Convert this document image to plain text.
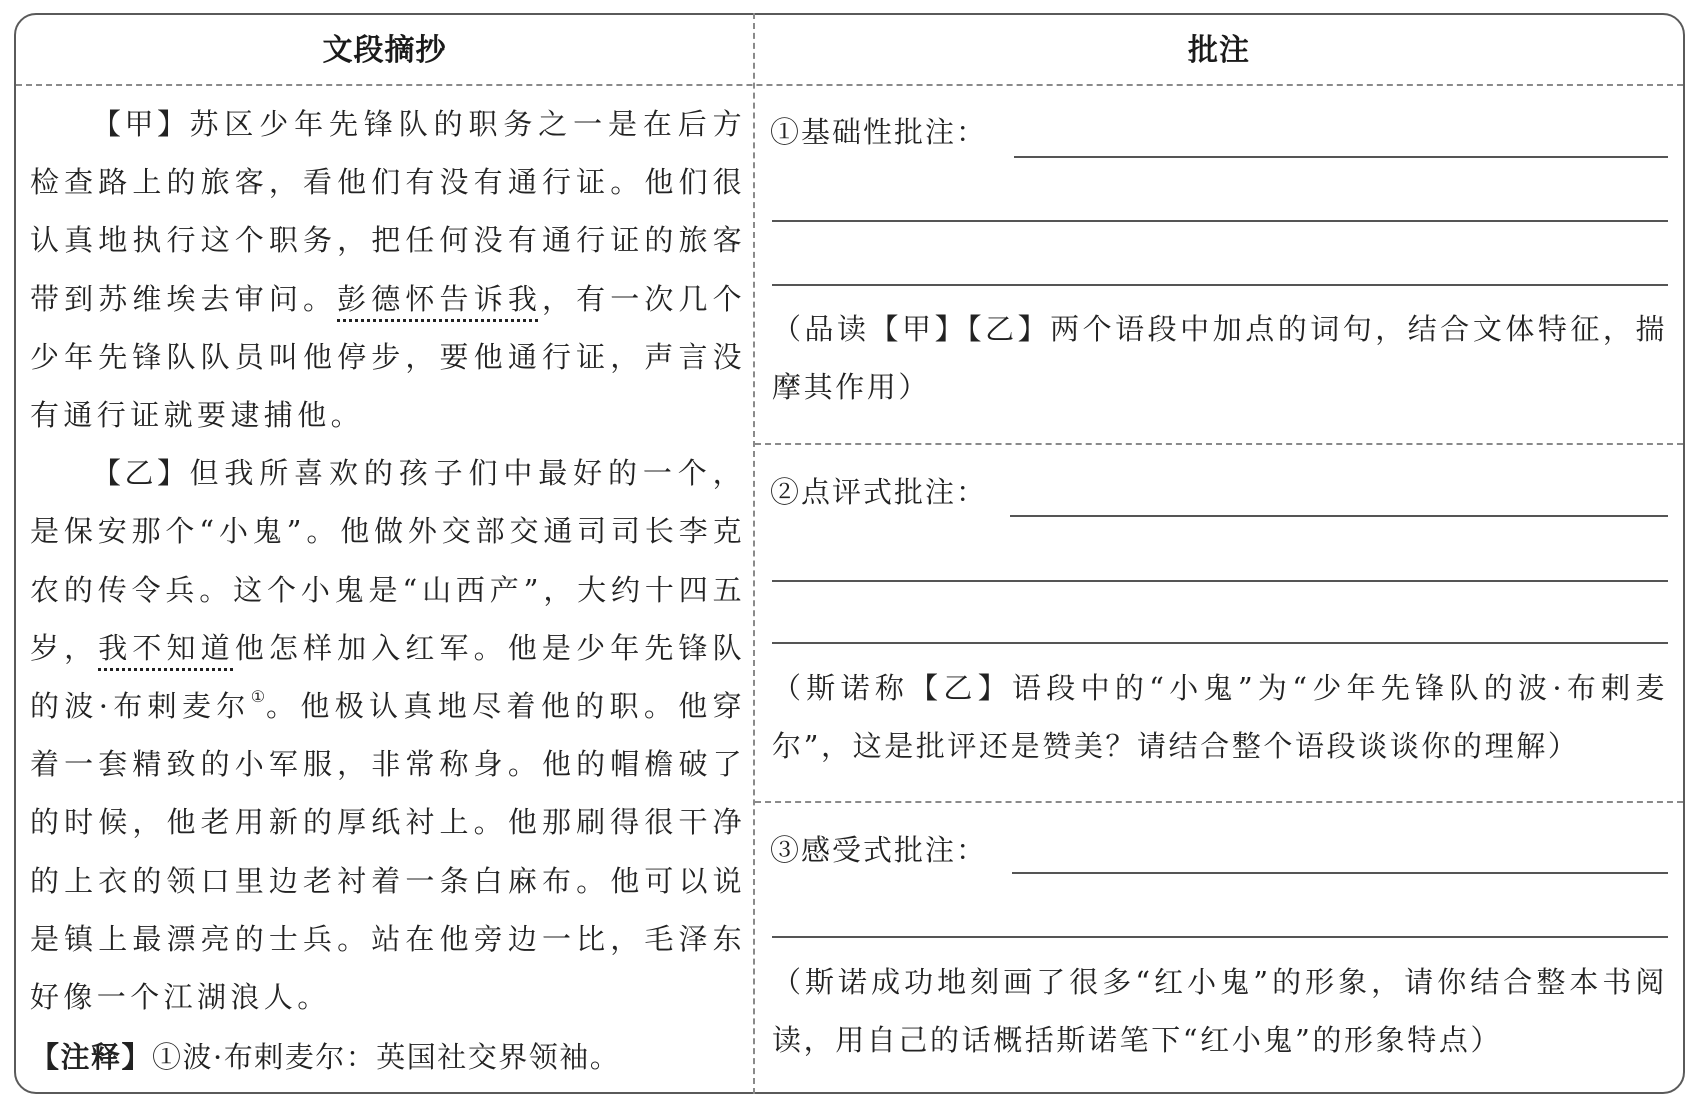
文段摘抄	批注

【甲】苏区少年先锋队的职务之一是在后方检查路上的旅客，看他们有没有通行证。他们很认真地执行这个职务，把任何没有通行证的旅客带到苏维埃去审问。彭德怀告诉我，有一次几个少年先锋队队员叫他停步，要他通行证，声言没有通行证就要逮捕他。

【乙】但我所喜欢的孩子们中最好的一个，是保安那个“小鬼”。他做外交部交通司司长李克农的传令兵。这个小鬼是“山西产”，大约十四五岁，我不知道他怎样加入红军。他是少年先锋队的波·布剌麦尔①。他极认真地尽着他的职。他穿着一套精致的小军服，非常称身。他的帽檐破了的时候，他老用新的厚纸衬上。他那刷得很干净的上衣的领口里边老衬着一条白麻布。他可以说是镇上最漂亮的士兵。站在他旁边一比，毛泽东好像一个江湖浪人。

【注释】①波·布剌麦尔：英国社交界领袖。

①基础性批注：
（品读【甲】【乙】两个语段中加点的词句，结合文体特征，揣摩其作用）
②点评式批注：
（斯诺称【乙】语段中的“小鬼”为“少年先锋队的波·布剌麦尔”，这是批评还是赞美？请结合整个语段谈谈你的理解）
③感受式批注：
（斯诺成功地刻画了很多“红小鬼”的形象，请你结合整本书阅读，用自己的话概括斯诺笔下“红小鬼”的形象特点）
